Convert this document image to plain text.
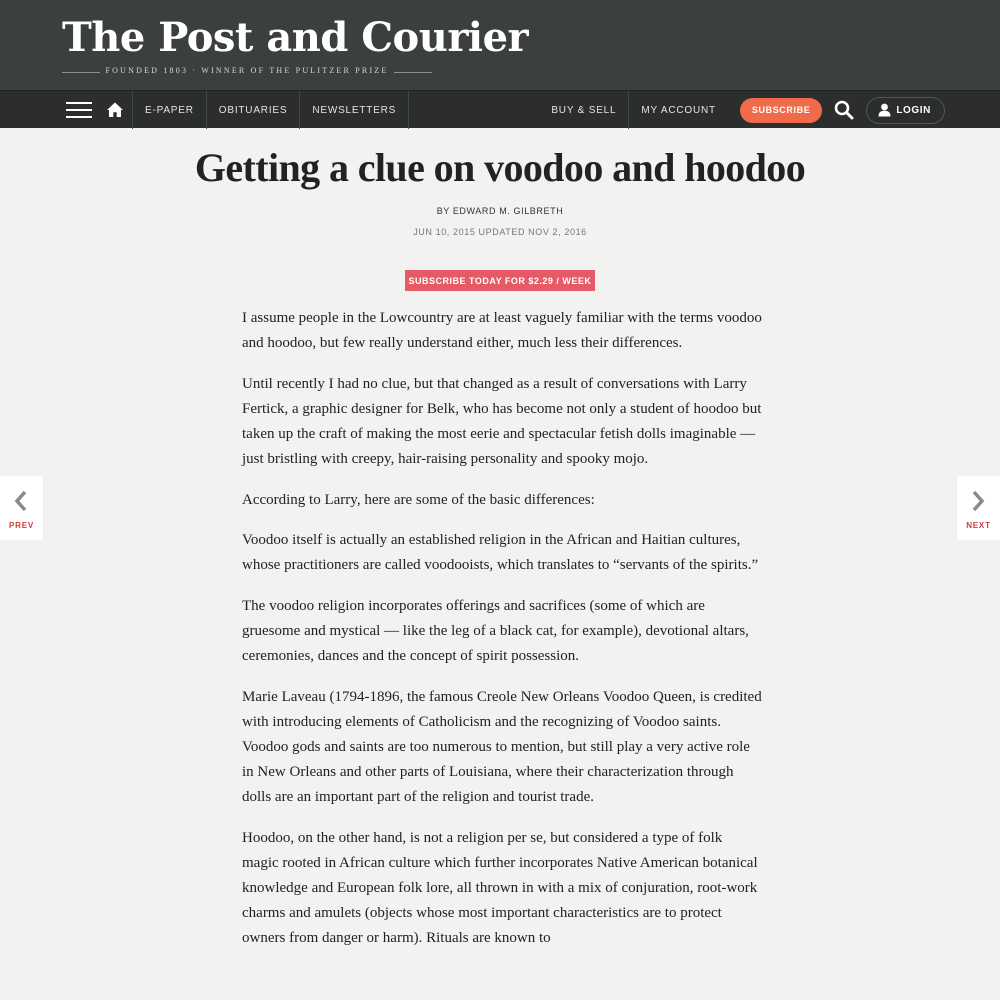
The Post and Courier
FOUNDED 1803 · WINNER OF THE PULITZER PRIZE
E-PAPER	OBITUARIES	NEWSLETTERS	BUY & SELL	MY ACCOUNT	SUBSCRIBE	LOGIN
Getting a clue on voodoo and hoodoo
BY EDWARD M. GILBRETH
JUN 10, 2015 UPDATED NOV 2, 2016
SUBSCRIBE TODAY FOR $2.29 / WEEK

I assume people in the Lowcountry are at least vaguely familiar with the terms voodoo and hoodoo, but few really understand either, much less their differences.

Until recently I had no clue, but that changed as a result of conversations with Larry Fertick, a graphic designer for Belk, who has become not only a student of hoodoo but taken up the craft of making the most eerie and spectacular fetish dolls imaginable — just bristling with creepy, hair-raising personality and spooky mojo.

According to Larry, here are some of the basic differences:

Voodoo itself is actually an established religion in the African and Haitian cultures, whose practitioners are called voodooists, which translates to “servants of the spirits.”

The voodoo religion incorporates offerings and sacrifices (some of which are gruesome and mystical — like the leg of a black cat, for example), devotional altars, ceremonies, dances and the concept of spirit possession.

Marie Laveau (1794-1896, the famous Creole New Orleans Voodoo Queen, is credited with introducing elements of Catholicism and the recognizing of Voodoo saints. Voodoo gods and saints are too numerous to mention, but still play a very active role in New Orleans and other parts of Louisiana, where their characterization through dolls are an important part of the religion and tourist trade.

Hoodoo, on the other hand, is not a religion per se, but considered a type of folk magic rooted in African culture which further incorporates Native American botanical knowledge and European folk lore, all thrown in with a mix of conjuration, root-work charms and amulets (objects whose most important characteristics are to protect owners from danger or harm). Rituals are known to

PREV	NEXT
